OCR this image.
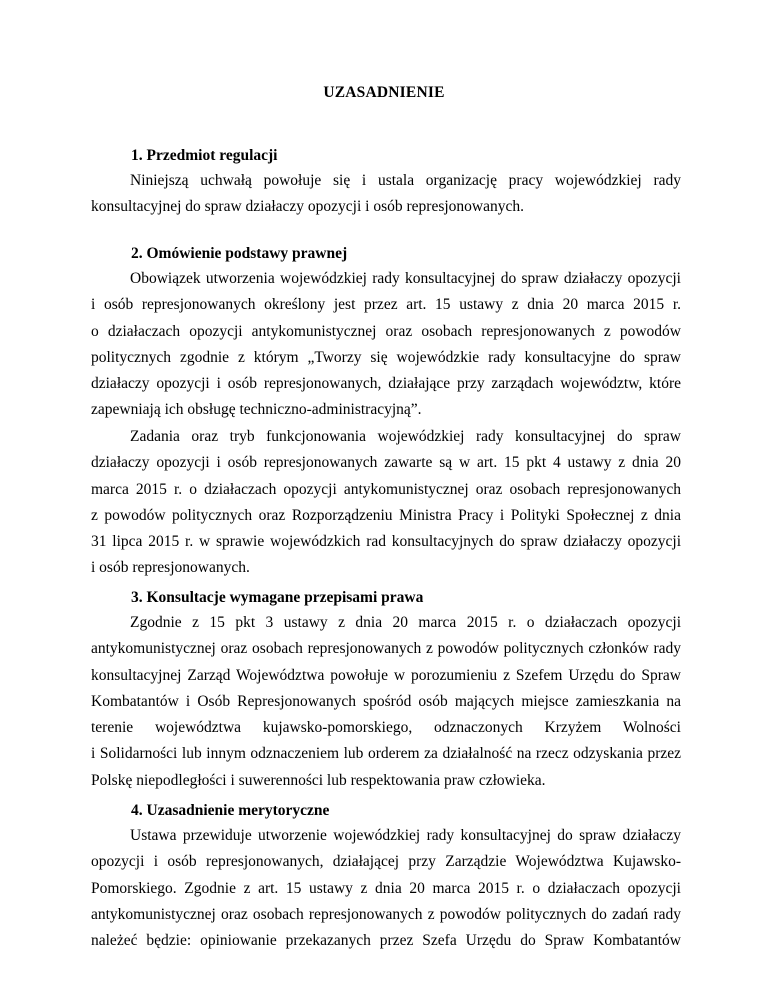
UZASADNIENIE
1. Przedmiot regulacji
Niniejszą uchwałą powołuje się i ustala organizację pracy wojewódzkiej rady
konsultacyjnej do spraw działaczy opozycji i osób represjonowanych.
2. Omówienie podstawy prawnej
Obowiązek utworzenia wojewódzkiej rady konsultacyjnej do spraw działaczy opozycji
i osób represjonowanych określony jest przez art. 15 ustawy z dnia 20 marca 2015 r.
o działaczach opozycji antykomunistycznej oraz osobach represjonowanych z powodów
politycznych zgodnie z którym „Tworzy się wojewódzkie rady konsultacyjne do spraw
działaczy opozycji i osób represjonowanych, działające przy zarządach województw, które
zapewniają ich obsługę techniczno-administracyjną”.
Zadania oraz tryb funkcjonowania wojewódzkiej rady konsultacyjnej do spraw
działaczy opozycji i osób represjonowanych zawarte są w art. 15 pkt 4 ustawy z dnia 20
marca 2015 r. o działaczach opozycji antykomunistycznej oraz osobach represjonowanych
z powodów politycznych oraz Rozporządzeniu Ministra Pracy i Polityki Społecznej z dnia
31 lipca 2015 r. w sprawie wojewódzkich rad konsultacyjnych do spraw działaczy opozycji
i osób represjonowanych.
3. Konsultacje wymagane przepisami prawa
Zgodnie z 15 pkt 3 ustawy z dnia 20 marca 2015 r. o działaczach opozycji
antykomunistycznej oraz osobach represjonowanych z powodów politycznych członków rady
konsultacyjnej Zarząd Województwa powołuje w porozumieniu z Szefem Urzędu do Spraw
Kombatantów i Osób Represjonowanych spośród osób mających miejsce zamieszkania na
terenie województwa kujawsko-pomorskiego, odznaczonych Krzyżem Wolności
i Solidarności lub innym odznaczeniem lub orderem za działalność na rzecz odzyskania przez
Polskę niepodległości i suwerenności lub respektowania praw człowieka.
4. Uzasadnienie merytoryczne
Ustawa przewiduje utworzenie wojewódzkiej rady konsultacyjnej do spraw działaczy
opozycji i osób represjonowanych, działającej przy Zarządzie Województwa Kujawsko-
Pomorskiego. Zgodnie z art. 15 ustawy z dnia 20 marca 2015 r. o działaczach opozycji
antykomunistycznej oraz osobach represjonowanych z powodów politycznych do zadań rady
należeć będzie: opiniowanie przekazanych przez Szefa Urzędu do Spraw Kombatantów
